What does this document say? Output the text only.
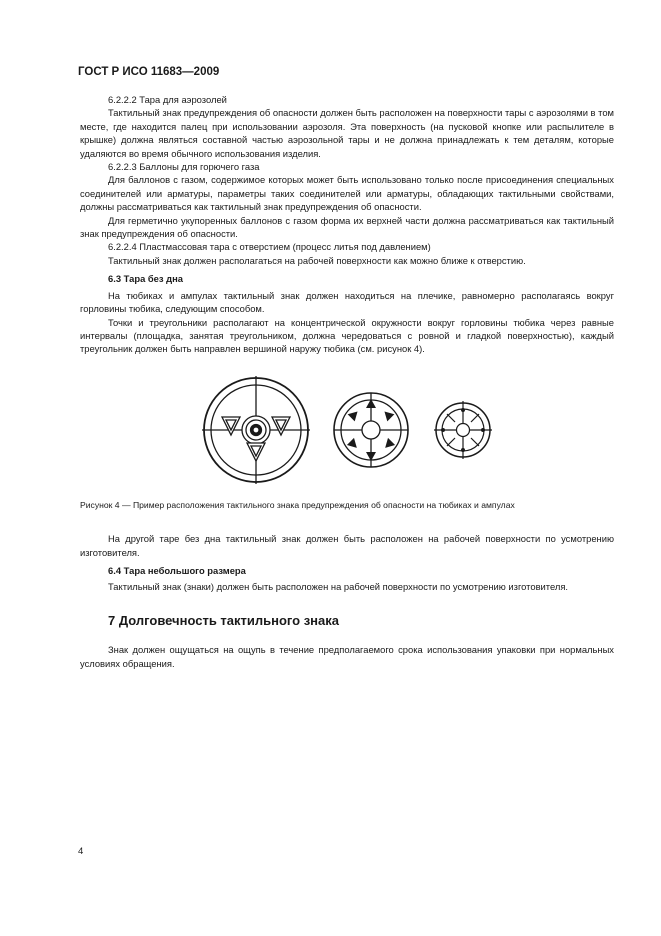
ГОСТ Р ИСО 11683—2009

6.2.2.2 Тара для аэрозолей

Тактильный знак предупреждения об опасности должен быть расположен на поверхности тары с аэрозолями в том месте, где находится палец при использовании аэрозоля. Эта поверхность (на пусковой кнопке или распылителе в крышке) должна являться составной частью аэрозольной тары и не должна принадлежать к тем деталям, которые удаляются во время обычного использования изделия.

6.2.2.3 Баллоны для горючего газа

Для баллонов с газом, содержимое которых может быть использовано только после присоединения специальных соединителей или арматуры, параметры таких соединителей или арматуры, обладающих тактильными свойствами, должны рассматриваться как тактильный знак предупреждения об опасности.

Для герметично укупоренных баллонов с газом форма их верхней части должна рассматриваться как тактильный знак предупреждения об опасности.

6.2.2.4 Пластмассовая тара с отверстием (процесс литья под давлением)

Тактильный знак должен располагаться на рабочей поверхности как можно ближе к отверстию.

6.3 Тара без дна

На тюбиках и ампулах тактильный знак должен находиться на плечике, равномерно располагаясь вокруг горловины тюбика, следующим способом.

Точки и треугольники располагают на концентрической окружности вокруг горловины тюбика через равные интервалы (площадка, занятая треугольником, должна чередоваться с ровной и гладкой поверхностью), каждый треугольник должен быть направлен вершиной наружу тюбика (см. рисунок 4).

Рисунок 4 — Пример расположения тактильного знака предупреждения об опасности на тюбиках и ампулах

На другой таре без дна тактильный знак должен быть расположен на рабочей поверхности по усмотрению изготовителя.

6.4 Тара небольшого размера

Тактильный знак (знаки) должен быть расположен на рабочей поверхности по усмотрению изготовителя.

7 Долговечность тактильного знака

Знак должен ощущаться на ощупь в течение предполагаемого срока использования упаковки при нормальных условиях обращения.

4
